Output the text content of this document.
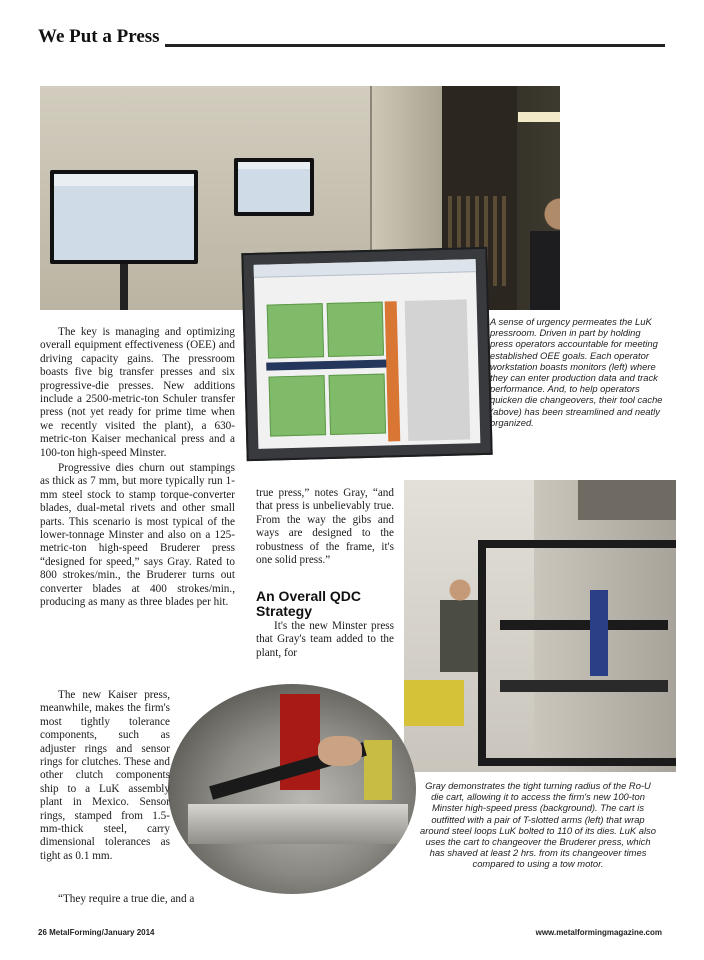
We Put a Press
A sense of urgency permeates the LuK pressroom. Driven in part by holding press operators accountable for meeting established OEE goals. Each operator workstation boasts monitors (left) where they can enter production data and track performance. And, to help operators quicken die changeovers, their tool cache (above) has been streamlined and neatly organized.
Gray demonstrates the tight turning radius of the Ro-U die cart, allowing it to access the firm's new 100-ton Minster high-speed press (background). The cart is outfitted with a pair of T-slotted arms (left) that wrap around steel loops LuK bolted to 110 of its dies. LuK also uses the cart to changeover the Bruderer press, which has shaved at least 2 hrs. from its changeover times compared to using a tow motor.

The key is managing and optimizing overall equipment effectiveness (OEE) and driving capacity gains. The pressroom boasts five big transfer presses and six progressive-die presses. New additions include a 2500-metric-ton Schuler transfer press (not yet ready for prime time when we recently visited the plant), a 630-metric-ton Kaiser mechanical press and a 100-ton high-speed Minster.

Progressive dies churn out stampings as thick as 7 mm, but more typically run 1-mm steel stock to stamp torque-converter blades, dual-metal rivets and other small parts. This scenario is most typical of the lower-tonnage Minster and also on a 125-metric-ton high-speed Bruderer press “designed for speed,” says Gray. Rated to 800 strokes/min., the Bruderer turns out converter blades at 400 strokes/min., producing as many as three blades per hit.

The new Kaiser press, meanwhile, makes the firm's most tightly tolerance components, such as adjuster rings and sensor rings for clutches. These and other clutch components ship to a LuK assembly plant in Mexico. Sensor rings, stamped from 1.5-mm-thick steel, carry dimensional tolerances as tight as 0.1 mm.

“They require a true die, and a

true press,” notes Gray, “and that press is unbelievably true. From the way the gibs and ways are designed to the robustness of the frame, it's one solid press.”

An Overall QDC Strategy

It's the new Minster press that Gray's team added to the plant, for

26 MetalForming/January 2014	www.metalformingmagazine.com
